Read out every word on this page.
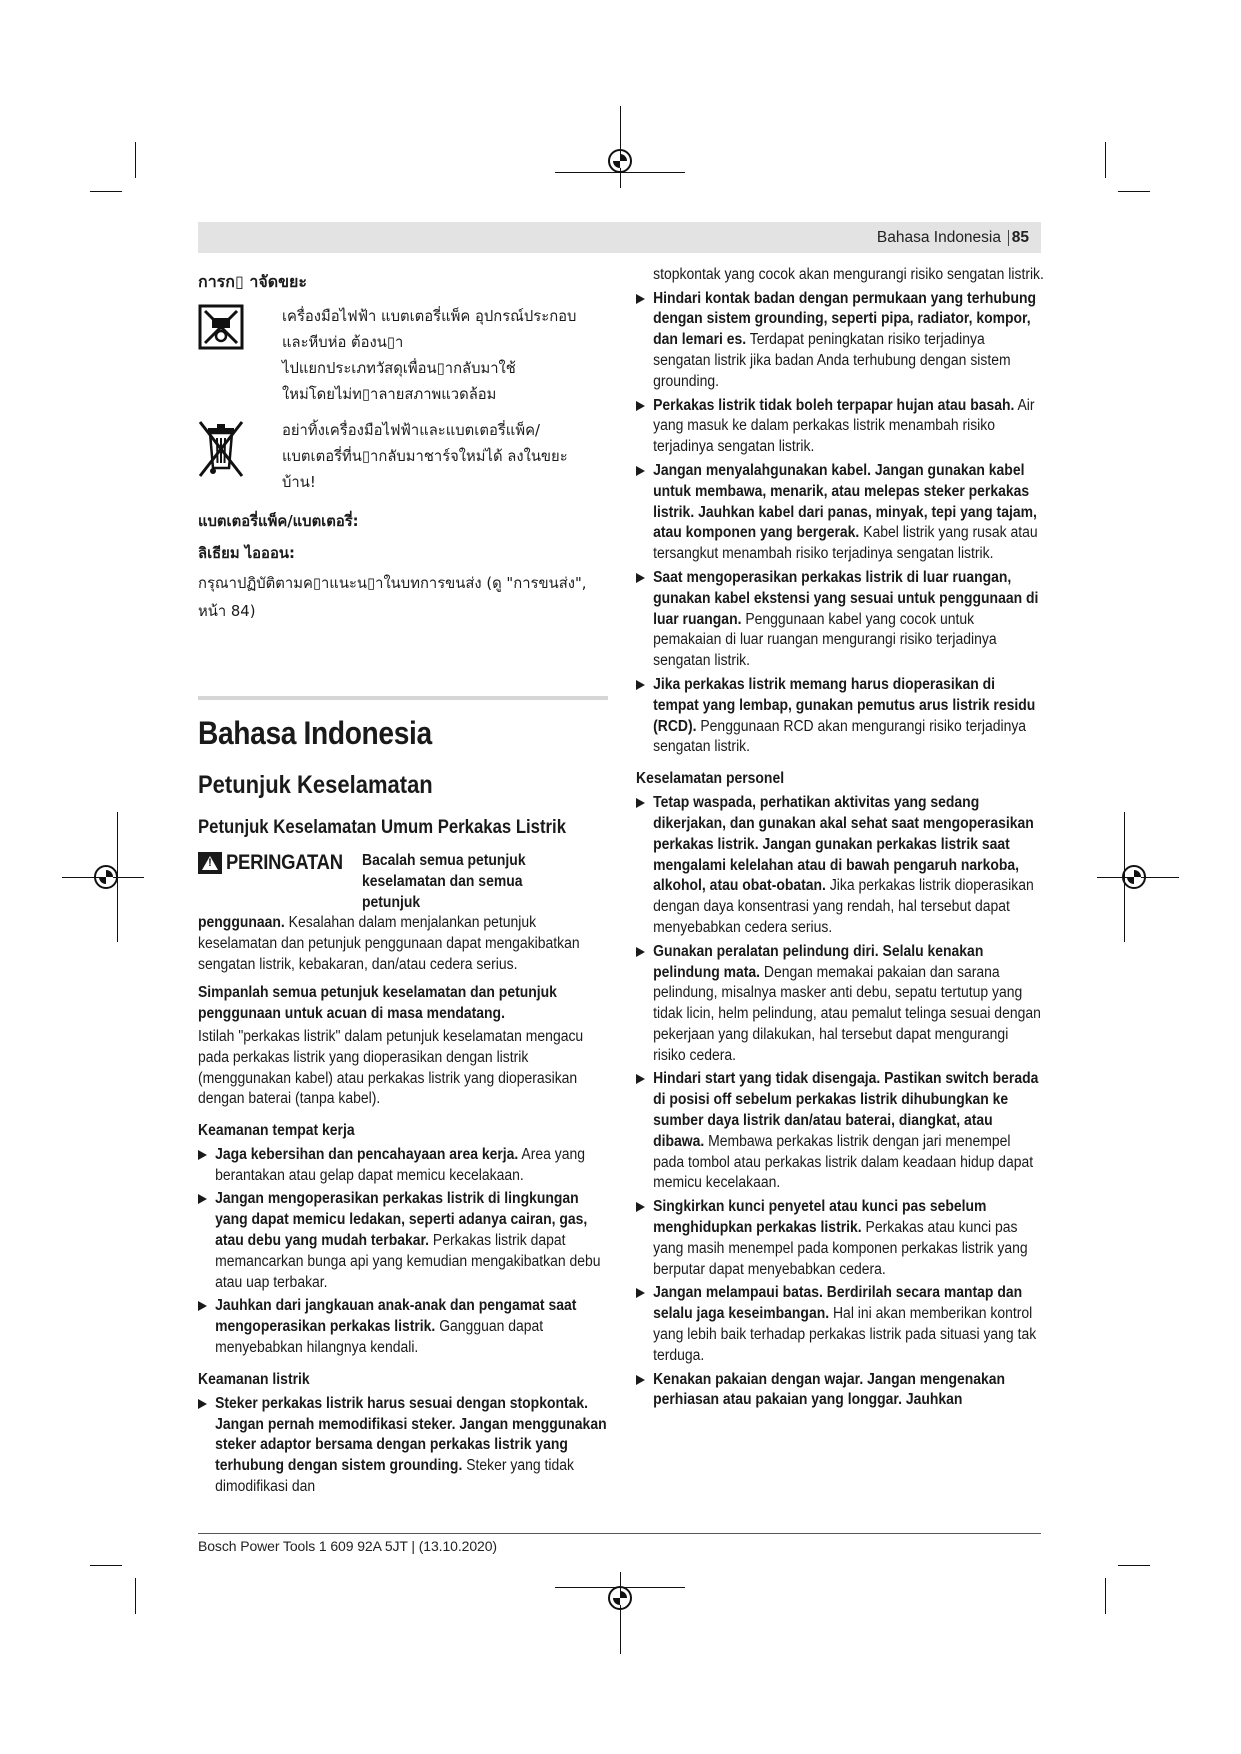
Bahasa Indonesia 85
การก▯ าจัดขยะ
เครื่องมือไฟฟ้า แบตเตอรี่แพ็ค อุปกรณ์ประกอบ
และหีบห่อ ต้องน▯า
ไปแยกประเภทวัสดุเพื่อน▯ากลับมาใช้
ใหม่โดยไม่ท▯าลายสภาพแวดล้อม
อย่าทิ้งเครื่องมือไฟฟ้าและแบตเตอรี่แพ็ค/
แบตเตอรี่ที่น▯ากลับมาชาร์จใหม่ได้ ลงในขยะ
บ้าน!
แบตเตอรี่แพ็ค/แบตเตอรี่:
ลิเธียม ไอออน:
กรุณาปฏิบัติตามค▯าแนะน▯าในบทการขนส่ง (ดู "การขนส่ง",
หน้า 84)
Bahasa Indonesia
Petunjuk Keselamatan
Petunjuk Keselamatan Umum Perkakas Listrik
! PERINGATAN Bacalah semua petunjuk
keselamatan dan semua petunjuk
penggunaan. Kesalahan dalam menjalankan petunjuk keselamatan dan petunjuk penggunaan dapat mengakibatkan sengatan listrik, kebakaran, dan/atau cedera serius.
Simpanlah semua petunjuk keselamatan dan petunjuk penggunaan untuk acuan di masa mendatang.
Istilah "perkakas listrik" dalam petunjuk keselamatan mengacu pada perkakas listrik yang dioperasikan dengan listrik (menggunakan kabel) atau perkakas listrik yang dioperasikan dengan baterai (tanpa kabel).
Keamanan tempat kerja
Jaga kebersihan dan pencahayaan area kerja. Area yang berantakan atau gelap dapat memicu kecelakaan.
Jangan mengoperasikan perkakas listrik di lingkungan yang dapat memicu ledakan, seperti adanya cairan, gas, atau debu yang mudah terbakar. Perkakas listrik dapat memancarkan bunga api yang kemudian mengakibatkan debu atau uap terbakar.
Jauhkan dari jangkauan anak-anak dan pengamat saat mengoperasikan perkakas listrik. Gangguan dapat menyebabkan hilangnya kendali.
Keamanan listrik
Steker perkakas listrik harus sesuai dengan stopkontak. Jangan pernah memodifikasi steker. Jangan menggunakan steker adaptor bersama dengan perkakas listrik yang terhubung dengan sistem grounding. Steker yang tidak dimodifikasi dan
stopkontak yang cocok akan mengurangi risiko sengatan listrik.
Hindari kontak badan dengan permukaan yang terhubung dengan sistem grounding, seperti pipa, radiator, kompor, dan lemari es. Terdapat peningkatan risiko terjadinya sengatan listrik jika badan Anda terhubung dengan sistem grounding.
Perkakas listrik tidak boleh terpapar hujan atau basah. Air yang masuk ke dalam perkakas listrik menambah risiko terjadinya sengatan listrik.
Jangan menyalahgunakan kabel. Jangan gunakan kabel untuk membawa, menarik, atau melepas steker perkakas listrik. Jauhkan kabel dari panas, minyak, tepi yang tajam, atau komponen yang bergerak. Kabel listrik yang rusak atau tersangkut menambah risiko terjadinya sengatan listrik.
Saat mengoperasikan perkakas listrik di luar ruangan, gunakan kabel ekstensi yang sesuai untuk penggunaan di luar ruangan. Penggunaan kabel yang cocok untuk pemakaian di luar ruangan mengurangi risiko terjadinya sengatan listrik.
Jika perkakas listrik memang harus dioperasikan di tempat yang lembap, gunakan pemutus arus listrik residu (RCD). Penggunaan RCD akan mengurangi risiko terjadinya sengatan listrik.
Keselamatan personel
Tetap waspada, perhatikan aktivitas yang sedang dikerjakan, dan gunakan akal sehat saat mengoperasikan perkakas listrik. Jangan gunakan perkakas listrik saat mengalami kelelahan atau di bawah pengaruh narkoba, alkohol, atau obat-obatan. Jika perkakas listrik dioperasikan dengan daya konsentrasi yang rendah, hal tersebut dapat menyebabkan cedera serius.
Gunakan peralatan pelindung diri. Selalu kenakan pelindung mata. Dengan memakai pakaian dan sarana pelindung, misalnya masker anti debu, sepatu tertutup yang tidak licin, helm pelindung, atau pemalut telinga sesuai dengan pekerjaan yang dilakukan, hal tersebut dapat mengurangi risiko cedera.
Hindari start yang tidak disengaja. Pastikan switch berada di posisi off sebelum perkakas listrik dihubungkan ke sumber daya listrik dan/atau baterai, diangkat, atau dibawa. Membawa perkakas listrik dengan jari menempel pada tombol atau perkakas listrik dalam keadaan hidup dapat memicu kecelakaan.
Singkirkan kunci penyetel atau kunci pas sebelum menghidupkan perkakas listrik. Perkakas atau kunci pas yang masih menempel pada komponen perkakas listrik yang berputar dapat menyebabkan cedera.
Jangan melampaui batas. Berdirilah secara mantap dan selalu jaga keseimbangan. Hal ini akan memberikan kontrol yang lebih baik terhadap perkakas listrik pada situasi yang tak terduga.
Kenakan pakaian dengan wajar. Jangan mengenakan perhiasan atau pakaian yang longgar. Jauhkan
Bosch Power Tools 1 609 92A 5JT | (13.10.2020)
